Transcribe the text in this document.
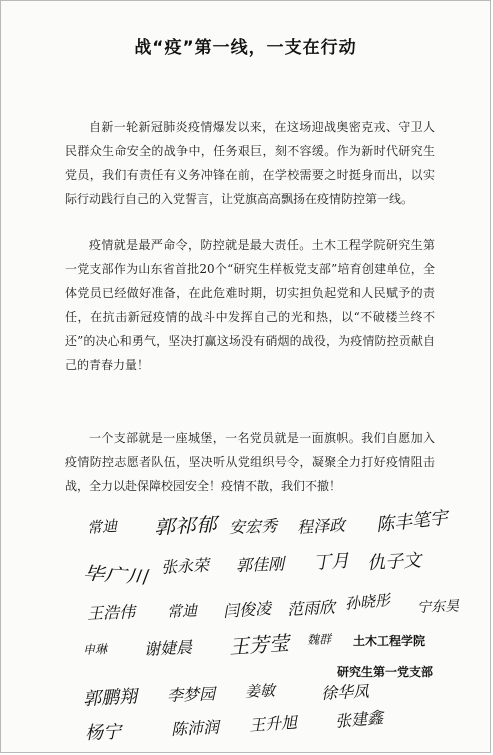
战“疫”第一线，一支在行动

自新一轮新冠肺炎疫情爆发以来，在这场迎战奥密克戎、守卫人民群众生命安全的战争中，任务艰巨，刻不容缓。作为新时代研究生党员，我们有责任有义务冲锋在前，在学校需要之时挺身而出，以实际行动践行自己的入党誓言，让党旗高高飘扬在疫情防控第一线。

疫情就是最严命令，防控就是最大责任。土木工程学院研究生第一党支部作为山东省首批20个“研究生样板党支部”培育创建单位，全体党员已经做好准备，在此危难时期，切实担负起党和人民赋予的责任，在抗击新冠疫情的战斗中发挥自己的光和热，以“不破楼兰终不还”的决心和勇气，坚决打赢这场没有硝烟的战役，为疫情防控贡献自己的青春力量！

一个支部就是一座城堡，一名党员就是一面旗帜。我们自愿加入疫情防控志愿者队伍，坚决听从党组织号令，凝聚全力打好疫情阻击战，全力以赴保障校园安全！疫情不散，我们不撤！

常迪 郭祁郁 安宏秀 程泽政 陈丰笔宇
毕广川 张永荣 郭佳刚 丁月 仇子文
王浩伟 常迪 闫俊凌 范雨欣 孙晓彤 宁东昊
申琳 谢婕晨 王芳莹 魏群
郭鹏翔 李梦园 姜敏	徐华凤
杨宁	陈沛润 王升旭 张建鑫
土木工程学院
研究生第一党支部
